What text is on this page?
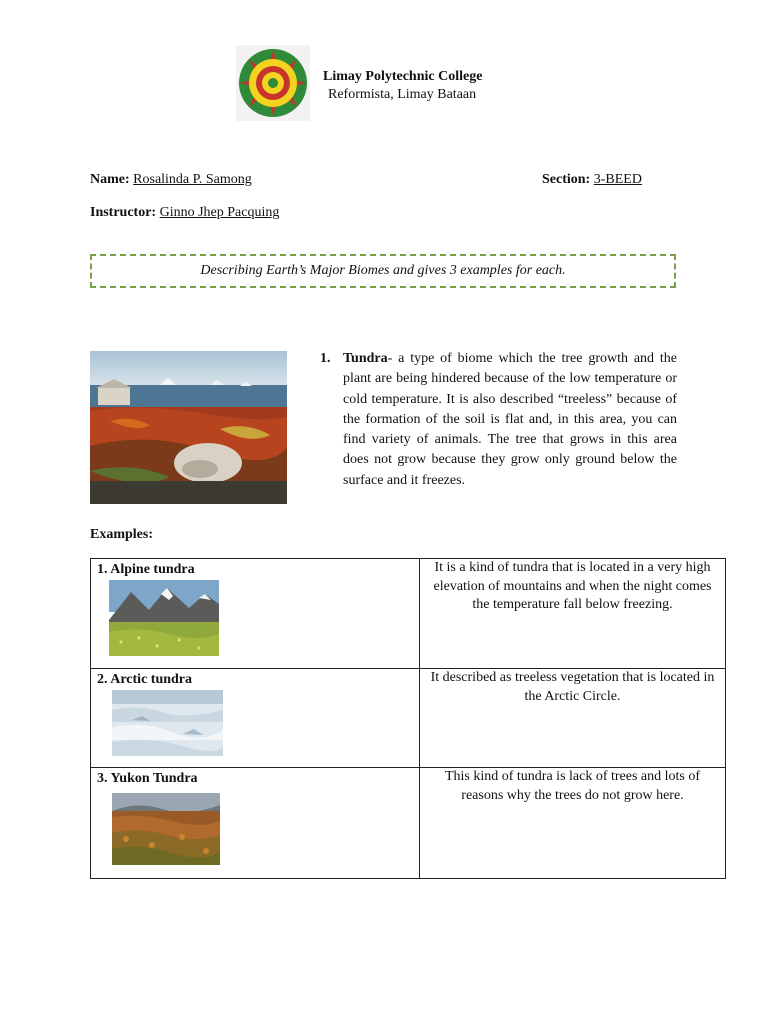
Limay Polytechnic College
Reformista, Limay Bataan
Name: Rosalinda P. Samong	Section: 3-BEED
Instructor: Ginno Jhep Pacquing
Describing Earth’s Major Biomes and gives 3 examples for each.
1. Tundra- a type of biome which the tree growth and the plant are being hindered because of the low temperature or cold temperature. It is also described “treeless” because of the formation of the soil is flat and, in this area, you can find variety of animals. The tree that grows in this area does not grow because they grow only ground below the surface and it freezes.
Examples:
1. Alpine tundra	It is a kind of tundra that is located in a very high elevation of mountains and when the night comes the temperature fall below freezing.

2. Arctic tundra	It described as treeless vegetation that is located in the Arctic Circle.

3. Yukon Tundra	This kind of tundra is lack of trees and lots of reasons why the trees do not grow here.
